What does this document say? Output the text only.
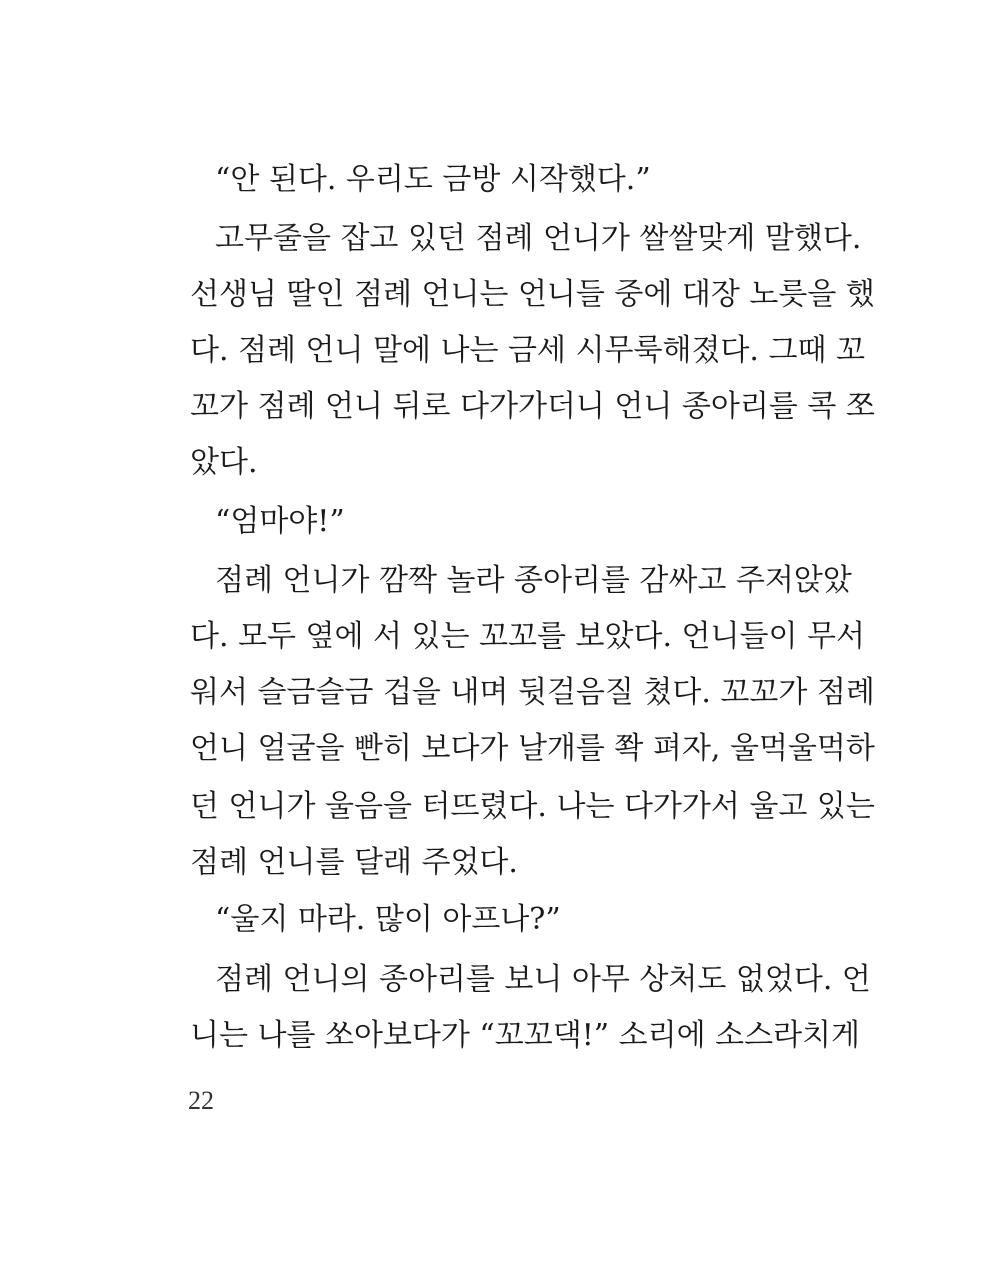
“안 된다. 우리도 금방 시작했다.”
고무줄을 잡고 있던 점례 언니가 쌀쌀맞게 말했다.
선생님 딸인 점례 언니는 언니들 중에 대장 노릇을 했
다. 점례 언니 말에 나는 금세 시무룩해졌다. 그때 꼬
꼬가 점례 언니 뒤로 다가가더니 언니 종아리를 콕 쪼
았다.
“엄마야!”
점례 언니가 깜짝 놀라 종아리를 감싸고 주저앉았
다. 모두 옆에 서 있는 꼬꼬를 보았다. 언니들이 무서
워서 슬금슬금 겁을 내며 뒷걸음질 쳤다. 꼬꼬가 점례
언니 얼굴을 빤히 보다가 날개를 쫙 펴자, 울먹울먹하
던 언니가 울음을 터뜨렸다. 나는 다가가서 울고 있는
점례 언니를 달래 주었다.
“울지 마라. 많이 아프나?”
점례 언니의 종아리를 보니 아무 상처도 없었다. 언
니는 나를 쏘아보다가 “꼬꼬댁!” 소리에 소스라치게
22
